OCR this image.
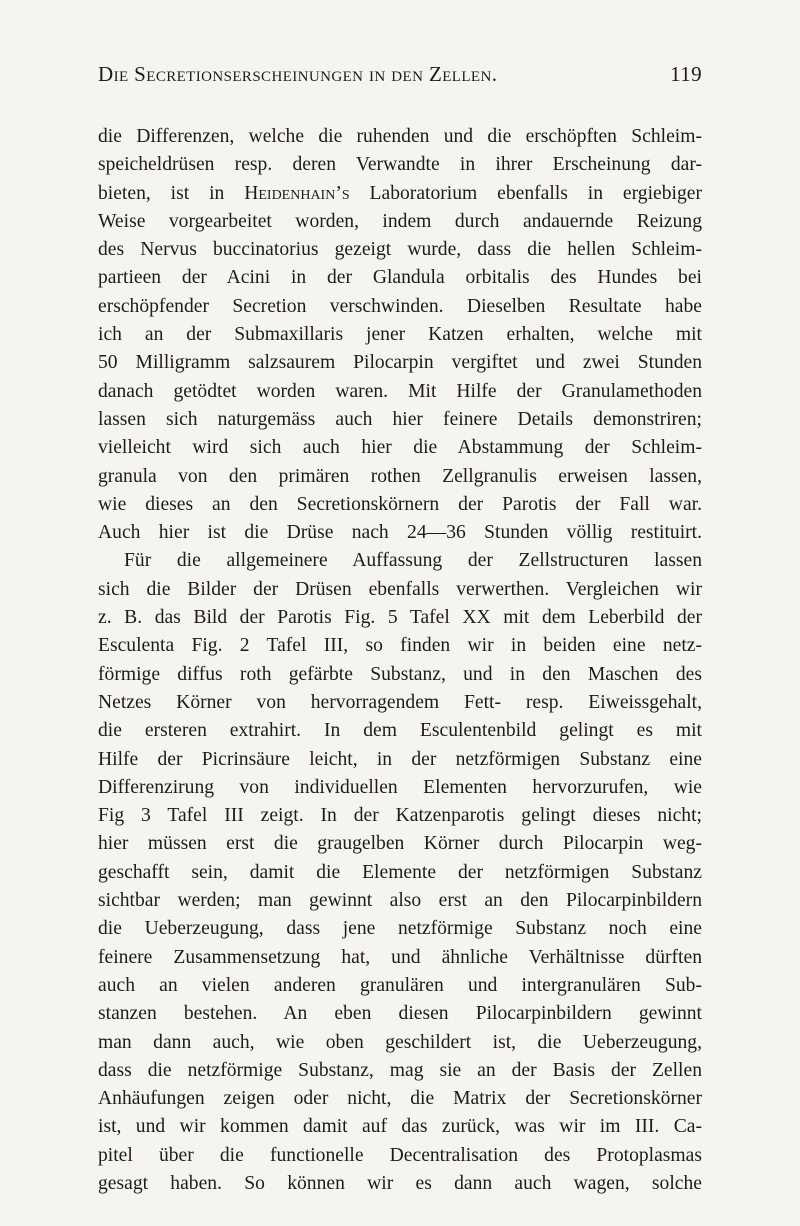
Die Secretionserscheinungen in den Zellen.	119
die Differenzen, welche die ruhenden und die erschöpften Schleim-
speicheldrüsen resp. deren Verwandte in ihrer Erscheinung dar-
bieten, ist in Heidenhain’s Laboratorium ebenfalls in ergiebiger
Weise vorgearbeitet worden, indem durch andauernde Reizung
des Nervus buccinatorius gezeigt wurde, dass die hellen Schleim-
partieen der Acini in der Glandula orbitalis des Hundes bei
erschöpfender Secretion verschwinden. Dieselben Resultate habe
ich an der Submaxillaris jener Katzen erhalten, welche mit
50 Milligramm salzsaurem Pilocarpin vergiftet und zwei Stunden
danach getödtet worden waren. Mit Hilfe der Granulamethoden
lassen sich naturgemäss auch hier feinere Details demonstriren;
vielleicht wird sich auch hier die Abstammung der Schleim-
granula von den primären rothen Zellgranulis erweisen lassen,
wie dieses an den Secretionskörnern der Parotis der Fall war.
Auch hier ist die Drüse nach 24—36 Stunden völlig restituirt.
Für die allgemeinere Auffassung der Zellstructuren lassen
sich die Bilder der Drüsen ebenfalls verwerthen. Vergleichen wir
z. B. das Bild der Parotis Fig. 5 Tafel XX mit dem Leberbild der
Esculenta Fig. 2 Tafel III, so finden wir in beiden eine netz-
förmige diffus roth gefärbte Substanz, und in den Maschen des
Netzes Körner von hervorragendem Fett- resp. Eiweissgehalt,
die ersteren extrahirt. In dem Esculentenbild gelingt es mit
Hilfe der Picrinsäure leicht, in der netzförmigen Substanz eine
Differenzirung von individuellen Elementen hervorzurufen, wie
Fig 3 Tafel III zeigt. In der Katzenparotis gelingt dieses nicht;
hier müssen erst die graugelben Körner durch Pilocarpin weg-
geschafft sein, damit die Elemente der netzförmigen Substanz
sichtbar werden; man gewinnt also erst an den Pilocarpinbildern
die Ueberzeugung, dass jene netzförmige Substanz noch eine
feinere Zusammensetzung hat, und ähnliche Verhältnisse dürften
auch an vielen anderen granulären und intergranulären Sub-
stanzen bestehen. An eben diesen Pilocarpinbildern gewinnt
man dann auch, wie oben geschildert ist, die Ueberzeugung,
dass die netzförmige Substanz, mag sie an der Basis der Zellen
Anhäufungen zeigen oder nicht, die Matrix der Secretionskörner
ist, und wir kommen damit auf das zurück, was wir im III. Ca-
pitel über die functionelle Decentralisation des Protoplasmas
gesagt haben. So können wir es dann auch wagen, solche
